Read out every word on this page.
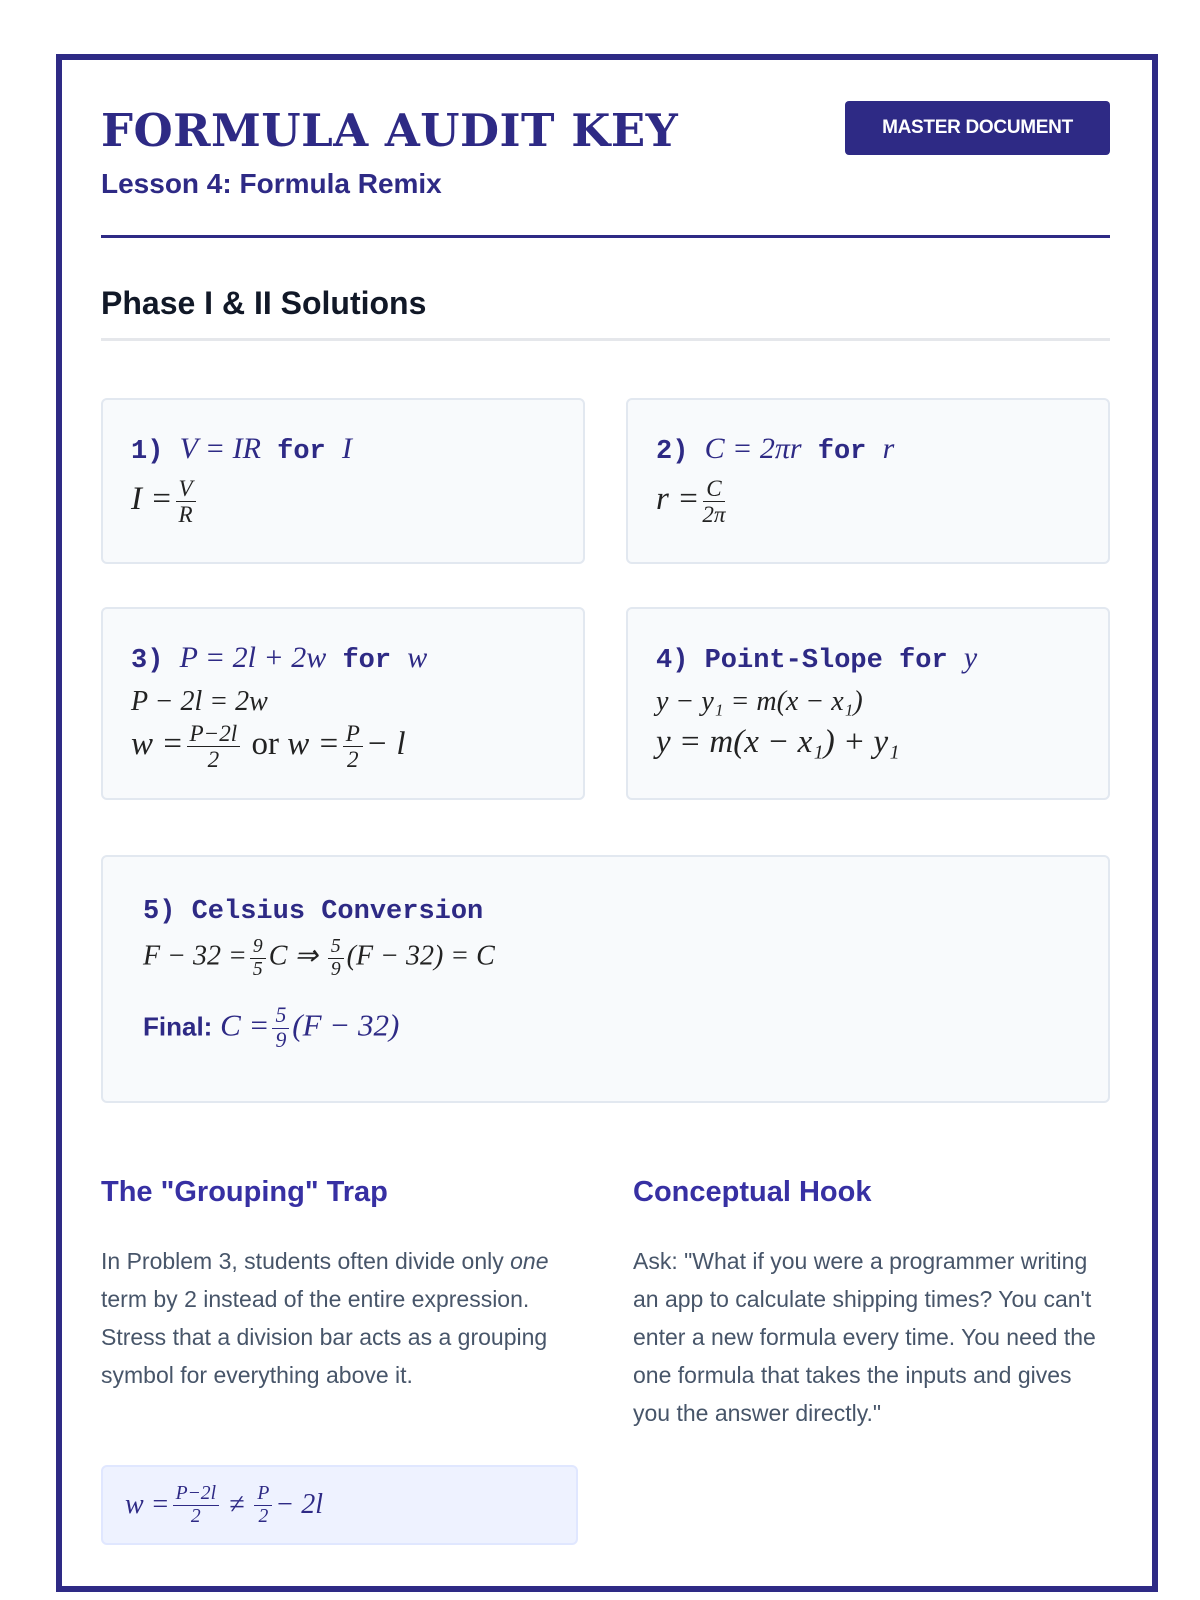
FORMULA AUDIT KEY	MASTER DOCUMENT
Lesson 4: Formula Remix
Phase I & II Solutions
1) V = IR for I
$I = \frac{V}{R}$
2) C = 2πr for r
$r = \frac{C}{2\pi}$
3) P = 2l + 2w for w
P − 2l = 2w
$w = \frac{P-2l}{2}$ or $w = \frac{P}{2} - l$
4) Point-Slope for y
y − y₁ = m(x − x₁)
y = m(x − x₁) + y₁
5) Celsius Conversion
$F - 32 = \frac{9}{5}$ C ⇒ $\frac{5}{9} (F - 32) = C$
Final: $C = \frac{5}{9} (F - 32)$
The "Grouping" Trap
In Problem 3, students often divide only one term by 2 instead of the entire expression. Stress that a division bar acts as a grouping symbol for everything above it.
$w = \frac{P-2l}{2}$
≠
$\frac{P}{2} - 2l$
Conceptual Hook
Ask: "What if you were a programmer writing an app to calculate shipping times? You can't enter a new formula every time. You need the one formula that takes the inputs and gives you the answer directly."
